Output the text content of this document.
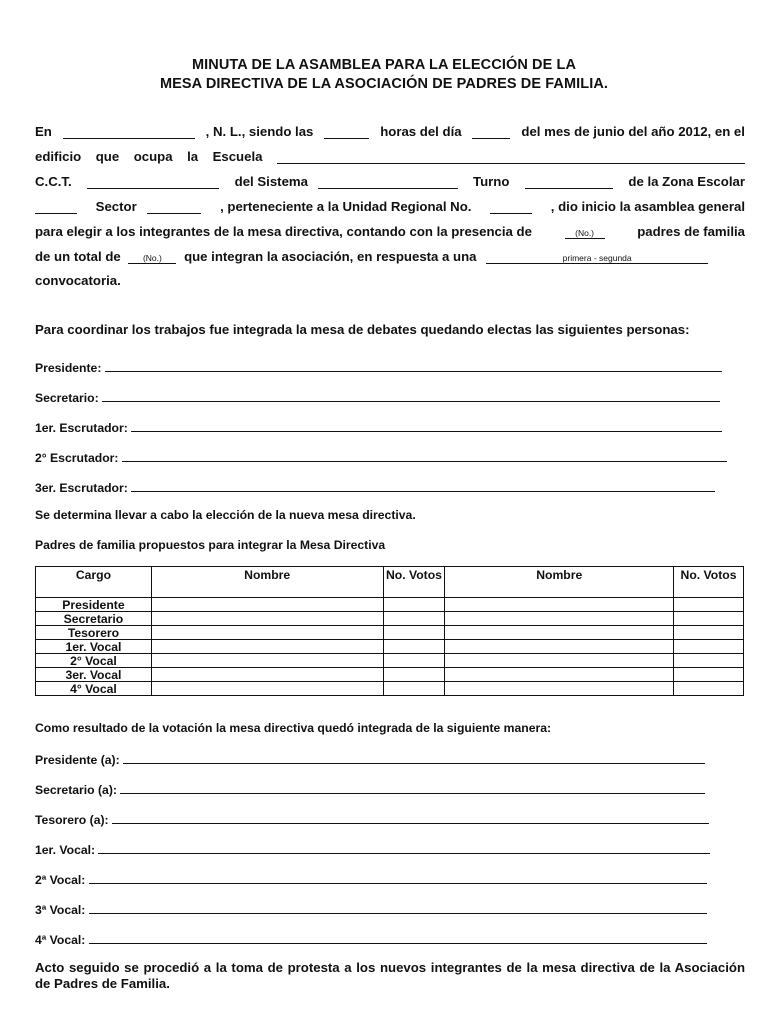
MINUTA DE LA ASAMBLEA PARA LA ELECCIÓN DE LA
MESA DIRECTIVA DE LA ASOCIACIÓN DE PADRES DE FAMILIA.
En
	, N. L., siendo las
	horas del día
	del mes de junio del año 2012, en el
edificio que ocupa la Escuela

C.C.T.
	del Sistema
	Turno
	de la Zona Escolar

Sector
	, perteneciente a la Unidad Regional No.
	, dio inicio la asamblea general
para elegir a los integrantes de la mesa directiva, contando con la presencia de	(No.)	padres de familia
de un total de	(No.) que integran la asociación, en respuesta a una	primera - segunda
convocatoria.
Para coordinar los trabajos fue integrada la mesa de debates quedando electas las siguientes personas:
Presidente:
Secretario:
1er. Escrutador:
2° Escrutador:
3er. Escrutador:
Se determina llevar a cabo la elección de la nueva mesa directiva.
Padres de familia propuestos para integrar la Mesa Directiva
Cargo	Nombre	No. Votos	Nombre	No. Votos
Presidente				
Secretario				
Tesorero				
1er. Vocal				
2° Vocal				
3er. Vocal				
4° Vocal				
Como resultado de la votación la mesa directiva quedó integrada de la siguiente manera:
Presidente (a):
Secretario (a):
Tesorero (a):
1er. Vocal:
2ª Vocal:
3ª Vocal:
4ª Vocal:
Acto seguido se procedió a la toma de protesta a los nuevos integrantes de la mesa directiva de la Asociación de Padres de Familia.
